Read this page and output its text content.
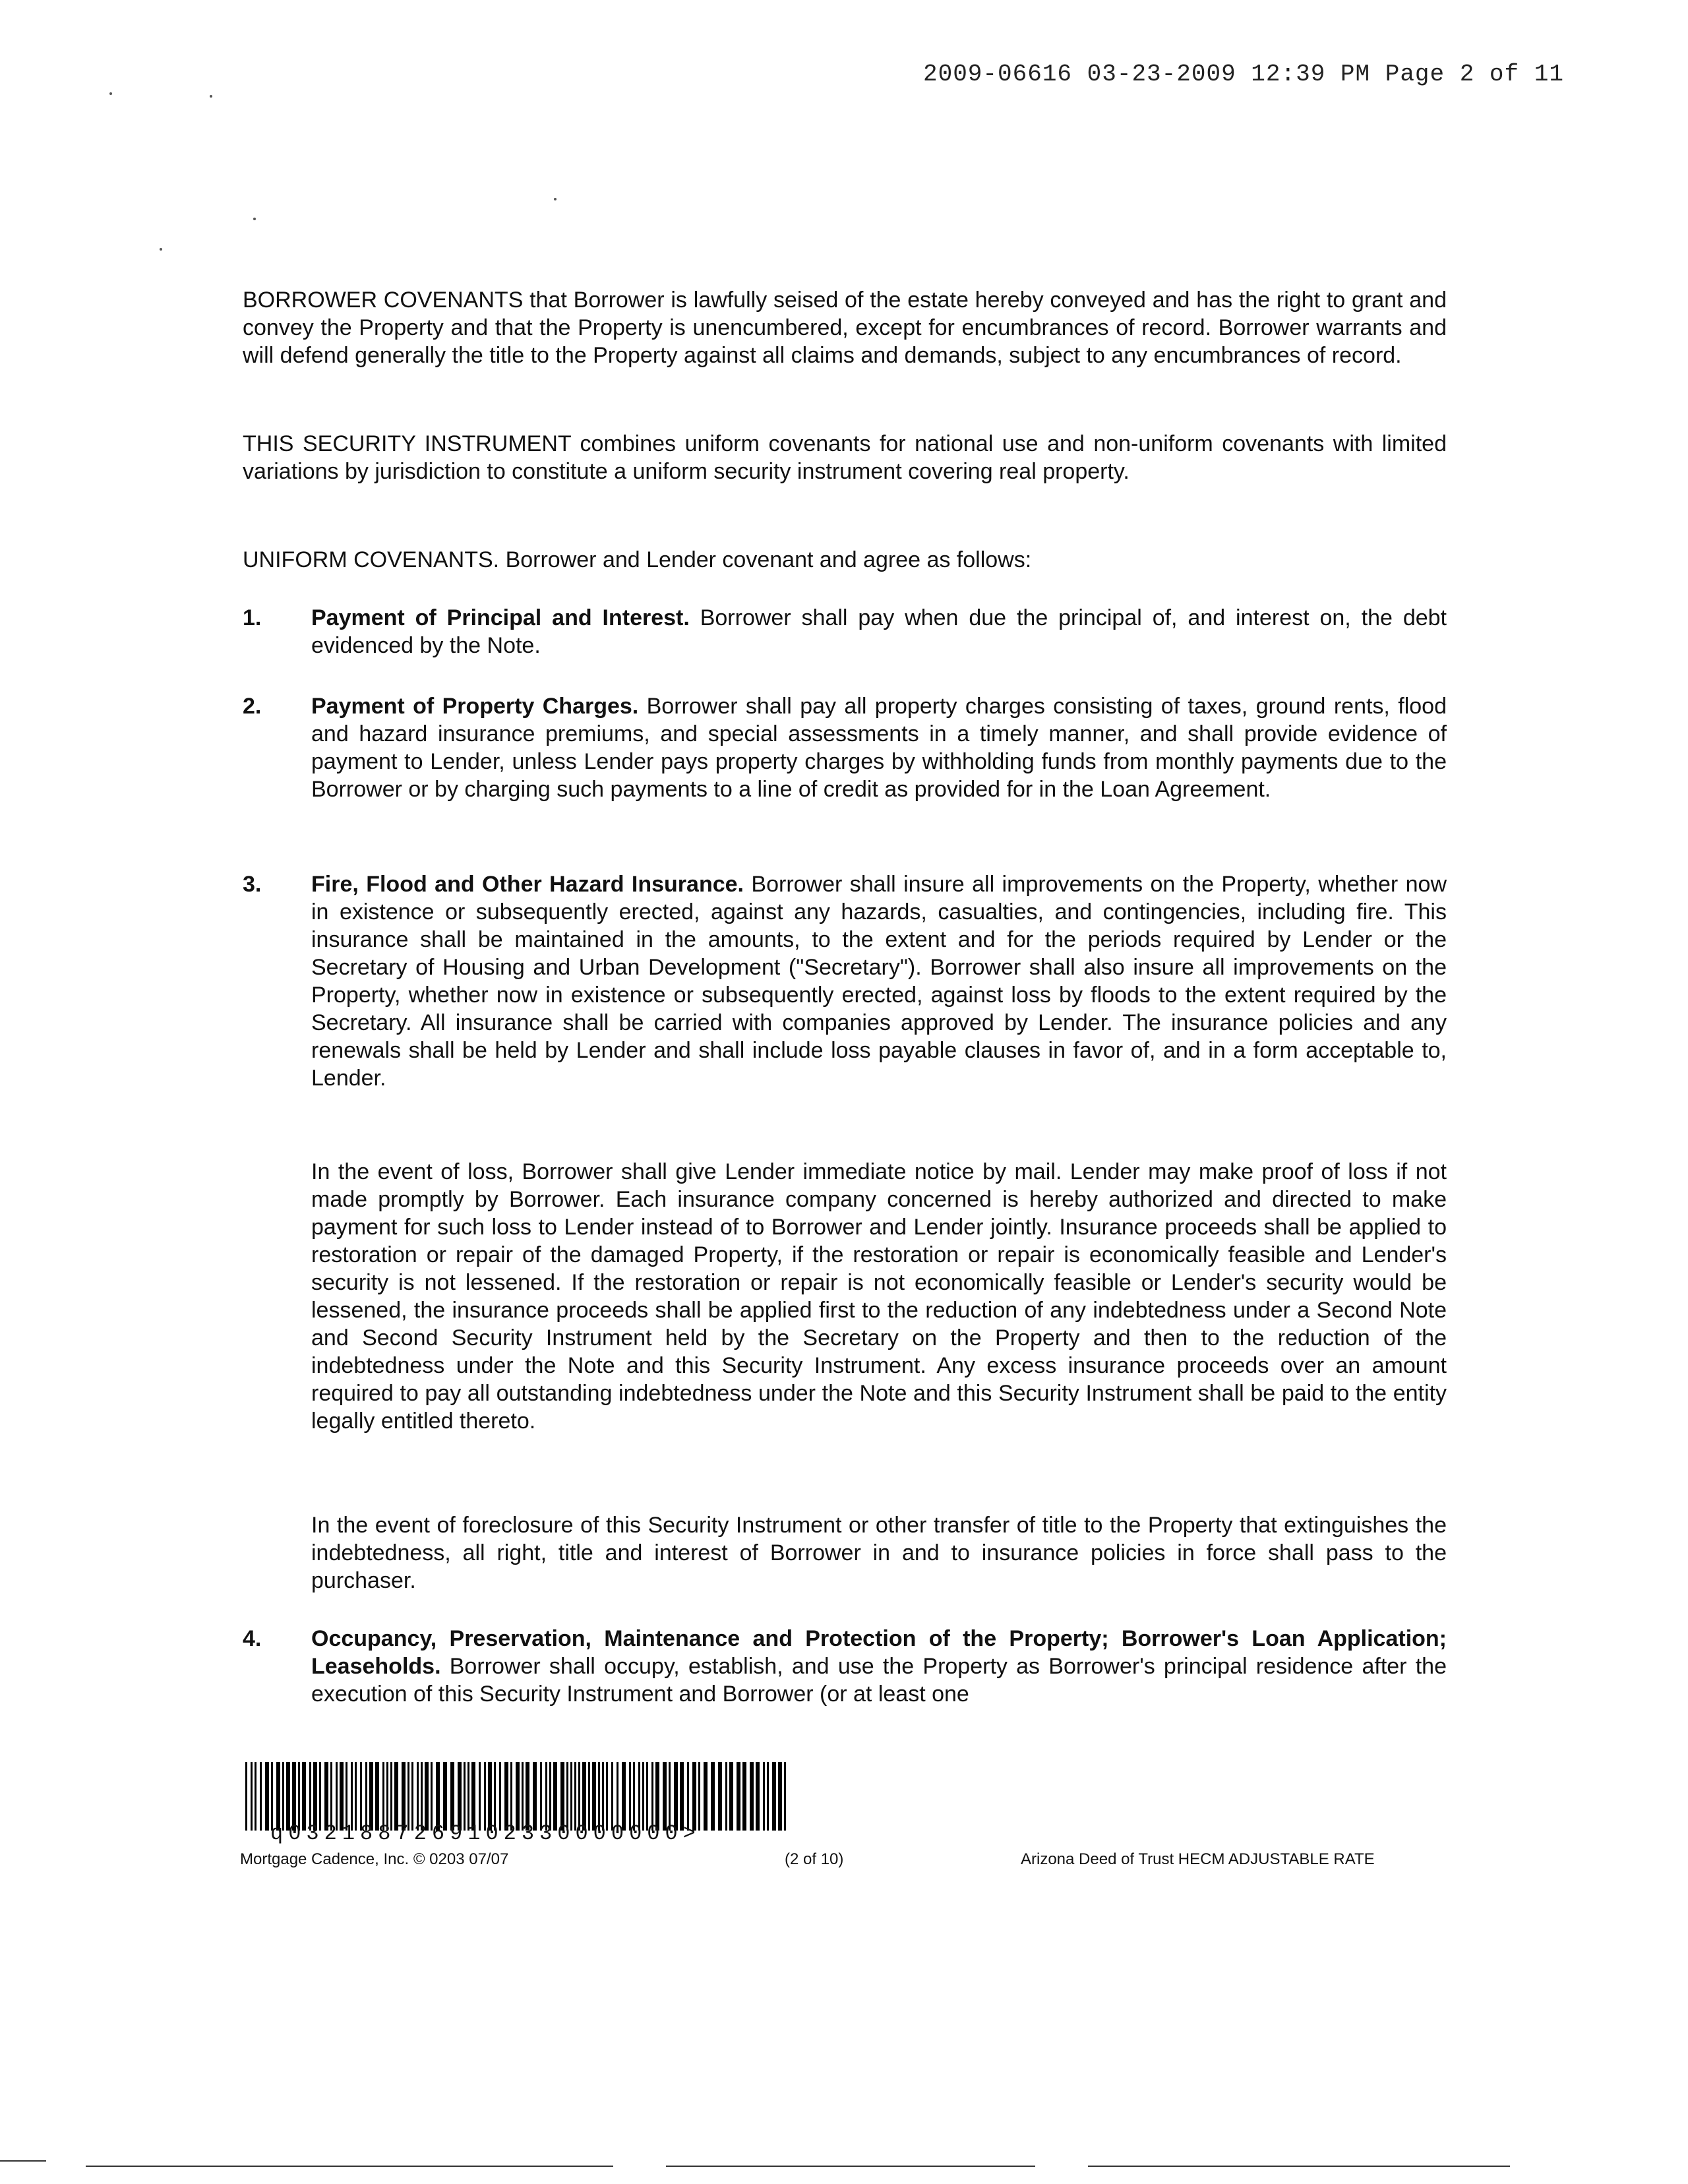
2009-06616 03-23-2009 12:39 PM Page 2 of 11

BORROWER COVENANTS that Borrower is lawfully seised of the estate hereby conveyed and has the right to grant and convey the Property and that the Property is unencumbered, except for encumbrances of record. Borrower warrants and will defend generally the title to the Property against all claims and demands, subject to any encumbrances of record.

THIS SECURITY INSTRUMENT combines uniform covenants for national use and non-uniform covenants with limited variations by jurisdiction to constitute a uniform security instrument covering real property.

UNIFORM COVENANTS. Borrower and Lender covenant and agree as follows:

1. Payment of Principal and Interest. Borrower shall pay when due the principal of, and interest on, the debt evidenced by the Note.
2. Payment of Property Charges. Borrower shall pay all property charges consisting of taxes, ground rents, flood and hazard insurance premiums, and special assessments in a timely manner, and shall provide evidence of payment to Lender, unless Lender pays property charges by withholding funds from monthly payments due to the Borrower or by charging such payments to a line of credit as provided for in the Loan Agreement.
3. Fire, Flood and Other Hazard Insurance. Borrower shall insure all improvements on the Property, whether now in existence or subsequently erected, against any hazards, casualties, and contingencies, including fire. This insurance shall be maintained in the amounts, to the extent and for the periods required by Lender or the Secretary of Housing and Urban Development ("Secretary"). Borrower shall also insure all improvements on the Property, whether now in existence or subsequently erected, against loss by floods to the extent required by the Secretary. All insurance shall be carried with companies approved by Lender. The insurance policies and any renewals shall be held by Lender and shall include loss payable clauses in favor of, and in a form acceptable to, Lender.
In the event of loss, Borrower shall give Lender immediate notice by mail. Lender may make proof of loss if not made promptly by Borrower. Each insurance company concerned is hereby authorized and directed to make payment for such loss to Lender instead of to Borrower and Lender jointly. Insurance proceeds shall be applied to restoration or repair of the damaged Property, if the restoration or repair is economically feasible and Lender's security is not lessened. If the restoration or repair is not economically feasible or Lender's security would be lessened, the insurance proceeds shall be applied first to the reduction of any indebtedness under a Second Note and Second Security Instrument held by the Secretary on the Property and then to the reduction of the indebtedness under the Note and this Security Instrument. Any excess insurance proceeds over an amount required to pay all outstanding indebtedness under the Note and this Security Instrument shall be paid to the entity legally entitled thereto.
In the event of foreclosure of this Security Instrument or other transfer of title to the Property that extinguishes the indebtedness, all right, title and interest of Borrower in and to insurance policies in force shall pass to the purchaser.
4. Occupancy, Preservation, Maintenance and Protection of the Property; Borrower's Loan Application; Leaseholds. Borrower shall occupy, establish, and use the Property as Borrower's principal residence after the execution of this Security Instrument and Borrower (or at least one
q0321887269102330000000>
Mortgage Cadence, Inc. © 0203 07/07	(2 of 10)	Arizona Deed of Trust HECM ADJUSTABLE RATE
